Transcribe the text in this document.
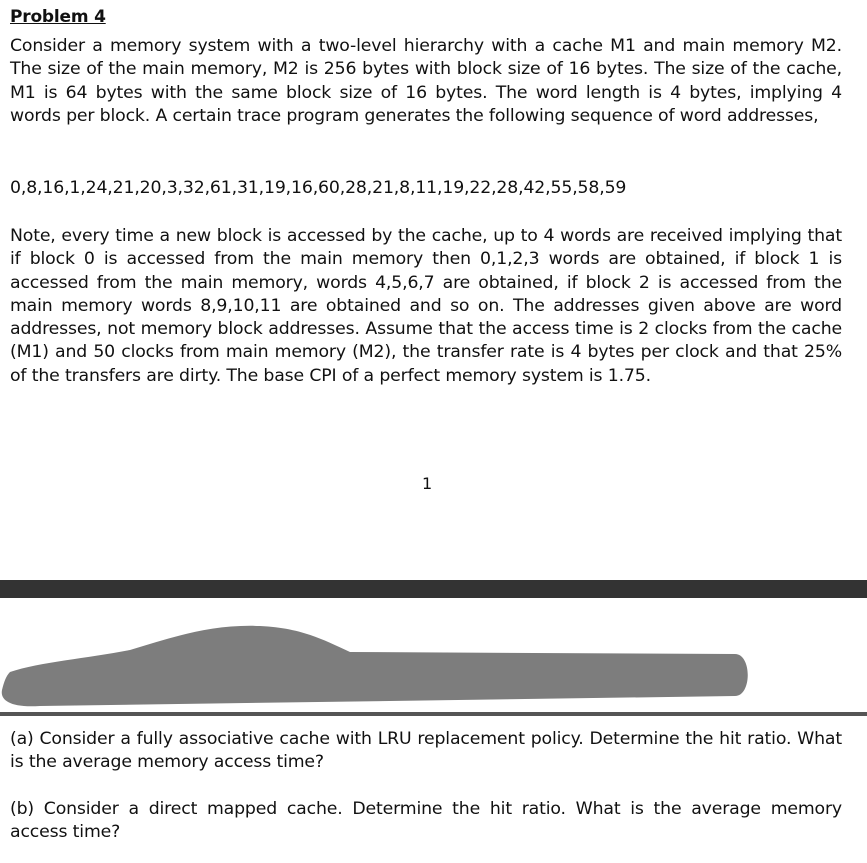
Problem 4

Consider a memory system with a two-level hierarchy with a cache M1 and main memory M2. The size of the main memory, M2 is 256 bytes with block size of 16 bytes. The size of the cache, M1 is 64 bytes with the same block size of 16 bytes. The word length is 4 bytes, implying 4 words per block. A certain trace program generates the following sequence of word addresses,

0,8,16,1,24,21,20,3,32,61,31,19,16,60,28,21,8,11,19,22,28,42,55,58,59

Note, every time a new block is accessed by the cache, up to 4 words are received implying that if block 0 is accessed from the main memory then 0,1,2,3 words are obtained, if block 1 is accessed from the main memory, words 4,5,6,7 are obtained, if block 2 is accessed from the main memory words 8,9,10,11 are obtained and so on. The addresses given above are word addresses, not memory block addresses. Assume that the access time is 2 clocks from the cache (M1) and 50 clocks from main memory (M2), the transfer rate is 4 bytes per clock and that 25% of the transfers are dirty. The base CPI of a perfect memory system is 1.75.

1

(a) Consider a fully associative cache with LRU replacement policy. Determine the hit ratio. What is the average memory access time?

(b) Consider a direct mapped cache. Determine the hit ratio. What is the average memory access time?
